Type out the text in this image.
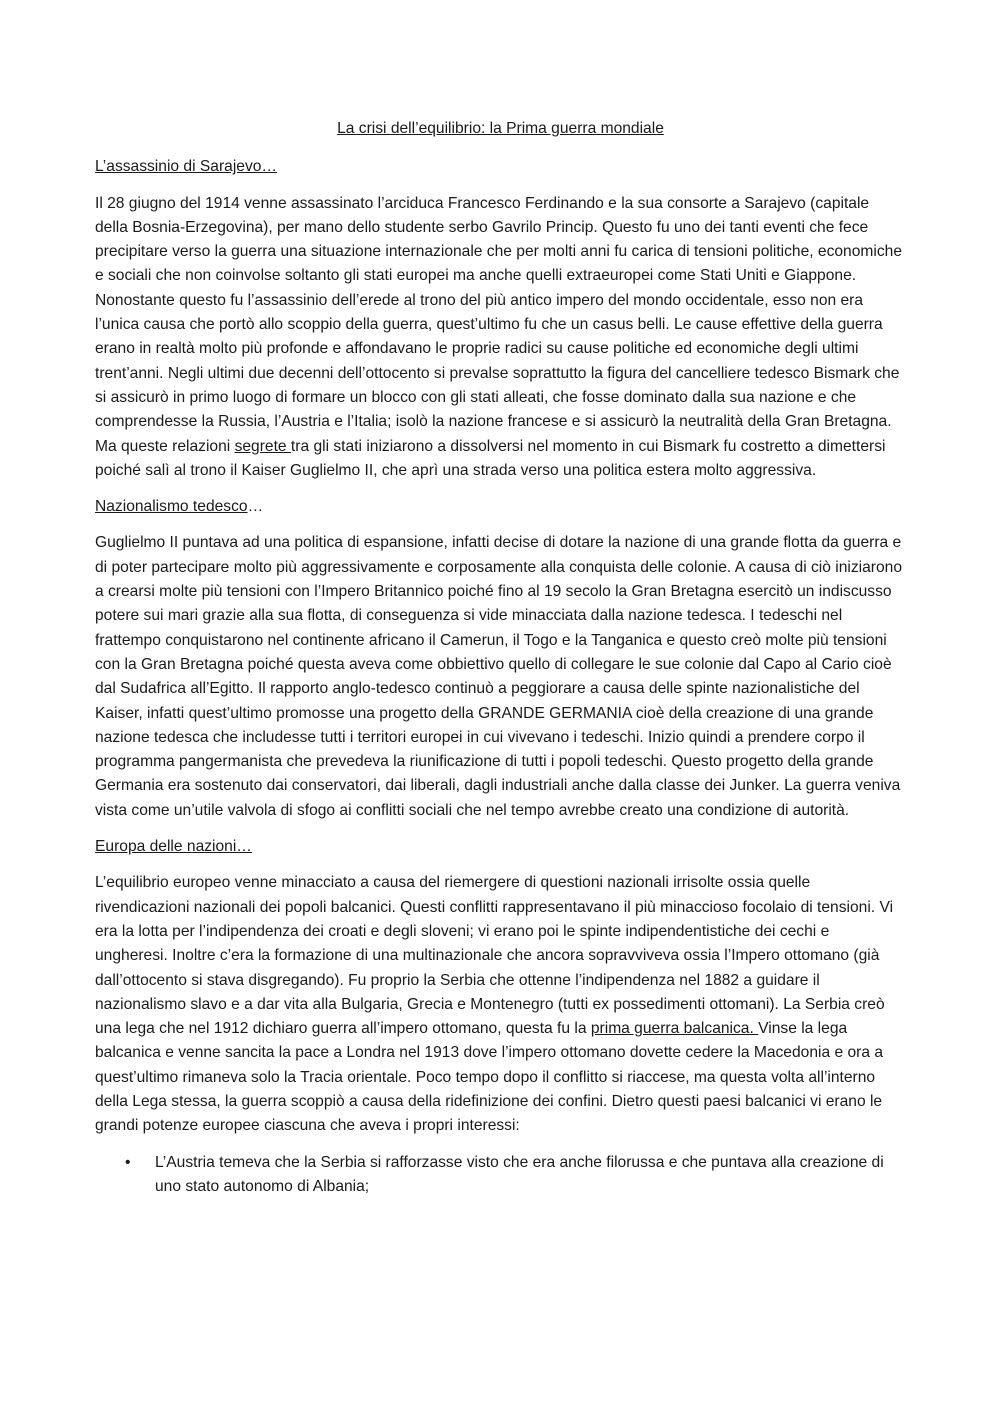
La crisi dell’equilibrio: la Prima guerra mondiale
L’assassinio di Sarajevo…

Il 28 giugno del 1914 venne assassinato l’arciduca Francesco Ferdinando e la sua consorte a Sarajevo (capitale della Bosnia-Erzegovina), per mano dello studente serbo Gavrilo Princip. Questo fu uno dei tanti eventi che fece precipitare verso la guerra una situazione internazionale che per molti anni fu carica di tensioni politiche, economiche e sociali che non coinvolse soltanto gli stati europei ma anche quelli extraeuropei come Stati Uniti e Giappone. Nonostante questo fu l’assassinio dell’erede al trono del più antico impero del mondo occidentale, esso non era l’unica causa che portò allo scoppio della guerra, quest’ultimo fu che un casus belli. Le cause effettive della guerra erano in realtà molto più profonde e affondavano le proprie radici su cause politiche ed economiche degli ultimi trent’anni. Negli ultimi due decenni dell’ottocento si prevalse soprattutto la figura del cancelliere tedesco Bismark che si assicurò in primo luogo di formare un blocco con gli stati alleati, che fosse dominato dalla sua nazione e che comprendesse la Russia, l’Austria e l’Italia; isolò la nazione francese e si assicurò la neutralità della Gran Bretagna. Ma queste relazioni segrete tra gli stati iniziarono a dissolversi nel momento in cui Bismark fu costretto a dimettersi poiché salì al trono il Kaiser Guglielmo II, che aprì una strada verso una politica estera molto aggressiva.

Nazionalismo tedesco…

Guglielmo II puntava ad una politica di espansione, infatti decise di dotare la nazione di una grande flotta da guerra e di poter partecipare molto più aggressivamente e corposamente alla conquista delle colonie. A causa di ciò iniziarono a crearsi molte più tensioni con l’Impero Britannico poiché fino al 19 secolo la Gran Bretagna esercitò un indiscusso potere sui mari grazie alla sua flotta, di conseguenza si vide minacciata dalla nazione tedesca. I tedeschi nel frattempo conquistarono nel continente africano il Camerun, il Togo e la Tanganica e questo creò molte più tensioni con la Gran Bretagna poiché questa aveva come obbiettivo quello di collegare le sue colonie dal Capo al Cario cioè dal Sudafrica all’Egitto. Il rapporto anglo-tedesco continuò a peggiorare a causa delle spinte nazionalistiche del Kaiser, infatti quest’ultimo promosse una progetto della GRANDE GERMANIA cioè della creazione di una grande nazione tedesca che includesse tutti i territori europei in cui vivevano i tedeschi. Inizio quindi a prendere corpo il programma pangermanista che prevedeva la riunificazione di tutti i popoli tedeschi. Questo progetto della grande Germania era sostenuto dai conservatori, dai liberali, dagli industriali anche dalla classe dei Junker. La guerra veniva vista come un’utile valvola di sfogo ai conflitti sociali che nel tempo avrebbe creato una condizione di autorità.

Europa delle nazioni…

L’equilibrio europeo venne minacciato a causa del riemergere di questioni nazionali irrisolte ossia quelle rivendicazioni nazionali dei popoli balcanici. Questi conflitti rappresentavano il più minaccioso focolaio di tensioni. Vi era la lotta per l’indipendenza dei croati e degli sloveni; vi erano poi le spinte indipendentistiche dei cechi e ungheresi. Inoltre c’era la formazione di una multinazionale che ancora sopravviveva ossia l’Impero ottomano (già dall’ottocento si stava disgregando). Fu proprio la Serbia che ottenne l’indipendenza nel 1882 a guidare il nazionalismo slavo e a dar vita alla Bulgaria, Grecia e Montenegro (tutti ex possedimenti ottomani). La Serbia creò una lega che nel 1912 dichiaro guerra all’impero ottomano, questa fu la prima guerra balcanica. Vinse la lega balcanica e venne sancita la pace a Londra nel 1913 dove l’impero ottomano dovette cedere la Macedonia e ora a quest’ultimo rimaneva solo la Tracia orientale. Poco tempo dopo il conflitto si riaccese, ma questa volta all’interno della Lega stessa, la guerra scoppiò a causa della ridefinizione dei confini. Dietro questi paesi balcanici vi erano le grandi potenze europee ciascuna che aveva i propri interessi:

• L’Austria temeva che la Serbia si rafforzasse visto che era anche filorussa e che puntava alla creazione di uno stato autonomo di Albania;
